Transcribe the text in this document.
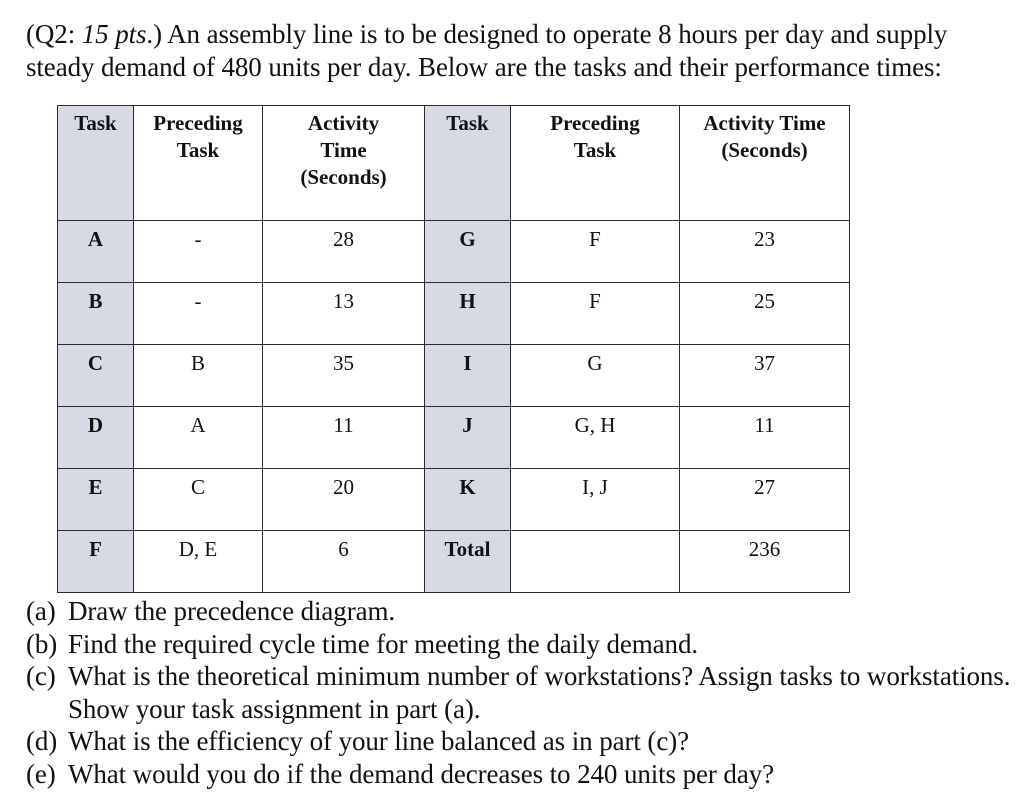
(Q2: 15 pts.) An assembly line is to be designed to operate 8 hours per day and supply
steady demand of 480 units per day. Below are the tasks and their performance times:
Task	Preceding Task	Activity Time (Seconds)	Task	Preceding Task	Activity Time (Seconds)

A	-	28	G	F	23
B	-	13	H	F	25
C	B	35	I	G	37
D	A	11	J	G, H	11
E	C	20	K	I, J	27
F	D, E	6	Total		236
(a) Draw the precedence diagram.
(b) Find the required cycle time for meeting the daily demand.
(c) What is the theoretical minimum number of workstations? Assign tasks to workstations. Show your task assignment in part (a).
(d) What is the efficiency of your line balanced as in part (c)?
(e) What would you do if the demand decreases to 240 units per day?
